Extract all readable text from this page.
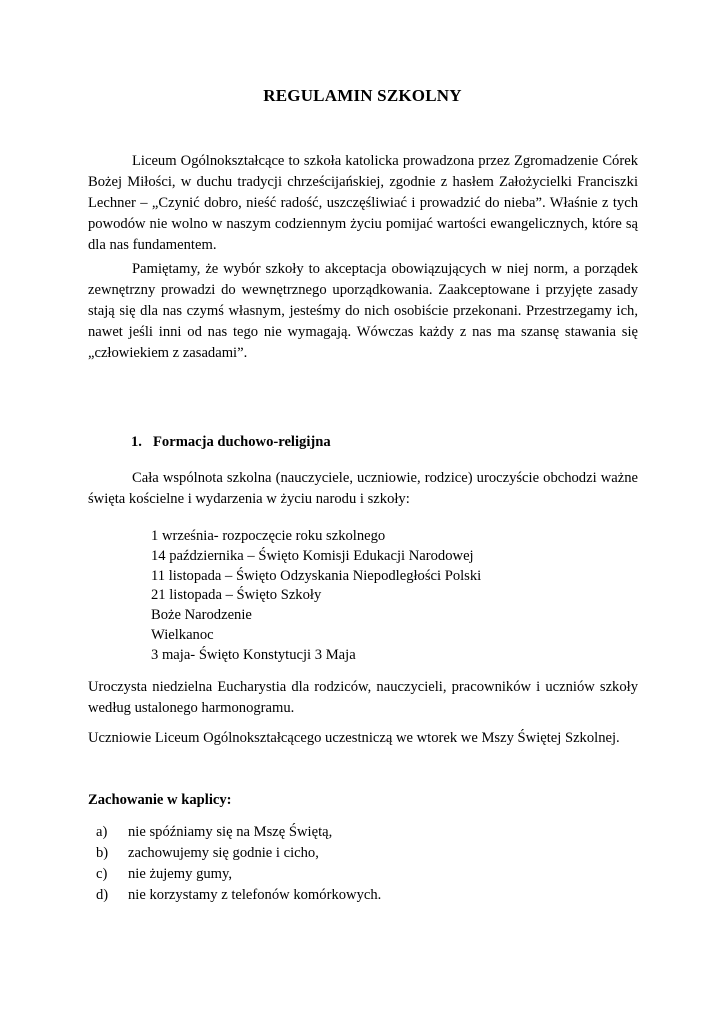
REGULAMIN SZKOLNY

Liceum Ogólnokształcące to szkoła katolicka prowadzona przez Zgromadzenie Córek Bożej Miłości, w duchu tradycji chrześcijańskiej, zgodnie z hasłem Założycielki Franciszki Lechner – „Czynić dobro, nieść radość, uszczęśliwiać i prowadzić do nieba”. Właśnie z tych powodów nie wolno w naszym codziennym życiu pomijać wartości ewangelicznych, które są dla nas fundamentem.

Pamiętamy, że wybór szkoły to akceptacja obowiązujących w niej norm, a porządek zewnętrzny prowadzi do wewnętrznego uporządkowania. Zaakceptowane i przyjęte zasady stają się dla nas czymś własnym, jesteśmy do nich osobiście przekonani. Przestrzegamy ich, nawet jeśli inni od nas tego nie wymagają. Wówczas każdy z nas ma szansę stawania się „człowiekiem z zasadami”.

1. Formacja duchowo-religijna

Cała wspólnota szkolna (nauczyciele, uczniowie, rodzice) uroczyście obchodzi ważne święta kościelne i wydarzenia w życiu narodu i szkoły:

1 września- rozpoczęcie roku szkolnego
14 października – Święto Komisji Edukacji Narodowej
11 listopada – Święto Odzyskania Niepodległości Polski
21 listopada – Święto Szkoły
Boże Narodzenie
Wielkanoc
3 maja- Święto Konstytucji 3 Maja

Uroczysta niedzielna Eucharystia dla rodziców, nauczycieli, pracowników i uczniów szkoły według ustalonego harmonogramu.

Uczniowie Liceum Ogólnokształcącego uczestniczą we wtorek we Mszy Świętej Szkolnej.

Zachowanie w kaplicy:
a) nie spóźniamy się na Mszę Świętą,
b) zachowujemy się godnie i cicho,
c) nie żujemy gumy,
d) nie korzystamy z telefonów komórkowych.
